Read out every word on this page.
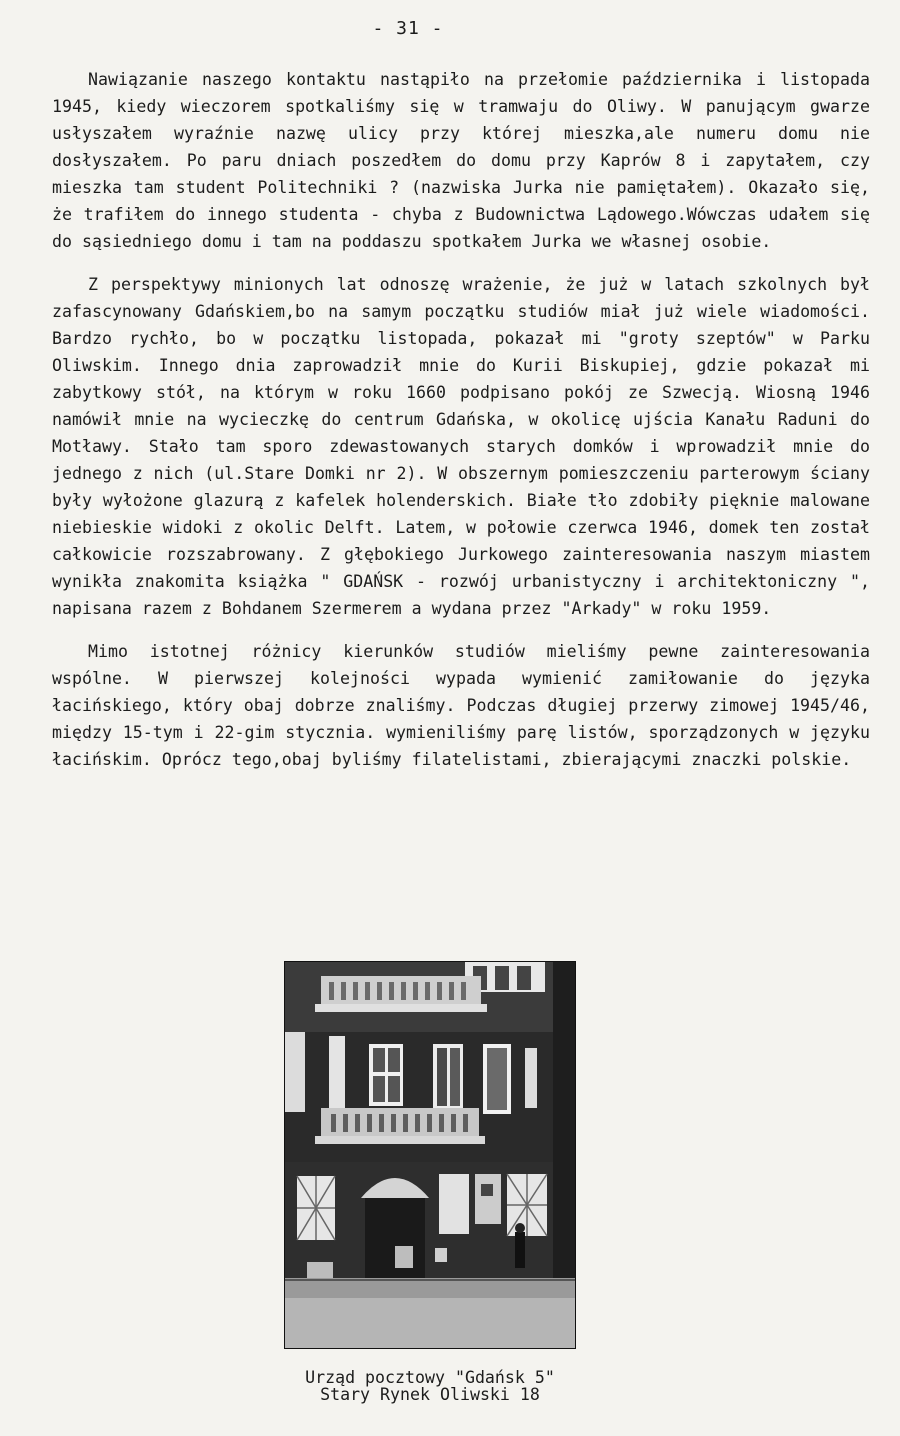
- 31 -

Nawiązanie naszego kontaktu nastąpiło na przełomie października i listopada 1945, kiedy wieczorem spotkaliśmy się w tramwaju do Oliwy. W panującym gwarze usłyszałem wyraźnie nazwę ulicy przy której mieszka,ale numeru domu nie dosłyszałem. Po paru dniach poszedłem do domu przy Kaprów 8 i zapytałem, czy mieszka tam student Politechniki ? (nazwiska Jurka nie pamiętałem). Okazało się, że trafiłem do innego studenta - chyba z Budownictwa Lądowego.Wówczas udałem się do sąsiedniego domu i tam na poddaszu spotkałem Jurka we własnej osobie.

Z perspektywy minionych lat odnoszę wrażenie, że już w latach szkolnych był zafascynowany Gdańskiem,bo na samym początku studiów miał już wiele wiadomości. Bardzo rychło, bo w początku listopada, pokazał mi "groty szeptów" w Parku Oliwskim. Innego dnia zaprowadził mnie do Kurii Biskupiej, gdzie pokazał mi zabytkowy stół, na którym w roku 1660 podpisano pokój ze Szwecją. Wiosną 1946 namówił mnie na wycieczkę do centrum Gdańska, w okolicę ujścia Kanału Raduni do Motławy. Stało tam sporo zdewastowanych starych domków i wprowadził mnie do jednego z nich (ul.Stare Domki nr 2). W obszernym pomieszczeniu parterowym ściany były wyłożone glazurą z kafelek holenderskich. Białe tło zdobiły pięknie malowane niebieskie widoki z okolic Delft. Latem, w połowie czerwca 1946, domek ten został całkowicie rozszabrowany. Z głębokiego Jurkowego zainteresowania naszym miastem wynikła znakomita książka " GDAŃSK - rozwój urbanistyczny i architektoniczny ", napisana razem z Bohdanem Szermerem a wydana przez "Arkady" w roku 1959.

Mimo istotnej różnicy kierunków studiów mieliśmy pewne zainteresowania wspólne. W pierwszej kolejności wypada wymienić zamiłowanie do języka łacińskiego, który obaj dobrze znaliśmy. Podczas długiej przerwy zimowej 1945/46, między 15-tym i 22-gim stycznia. wymieniliśmy parę listów, sporządzonych w języku łacińskim. Oprócz tego,obaj byliśmy filatelistami, zbierającymi znaczki polskie.

Urząd pocztowy "Gdańsk 5"
Stary Rynek Oliwski 18
